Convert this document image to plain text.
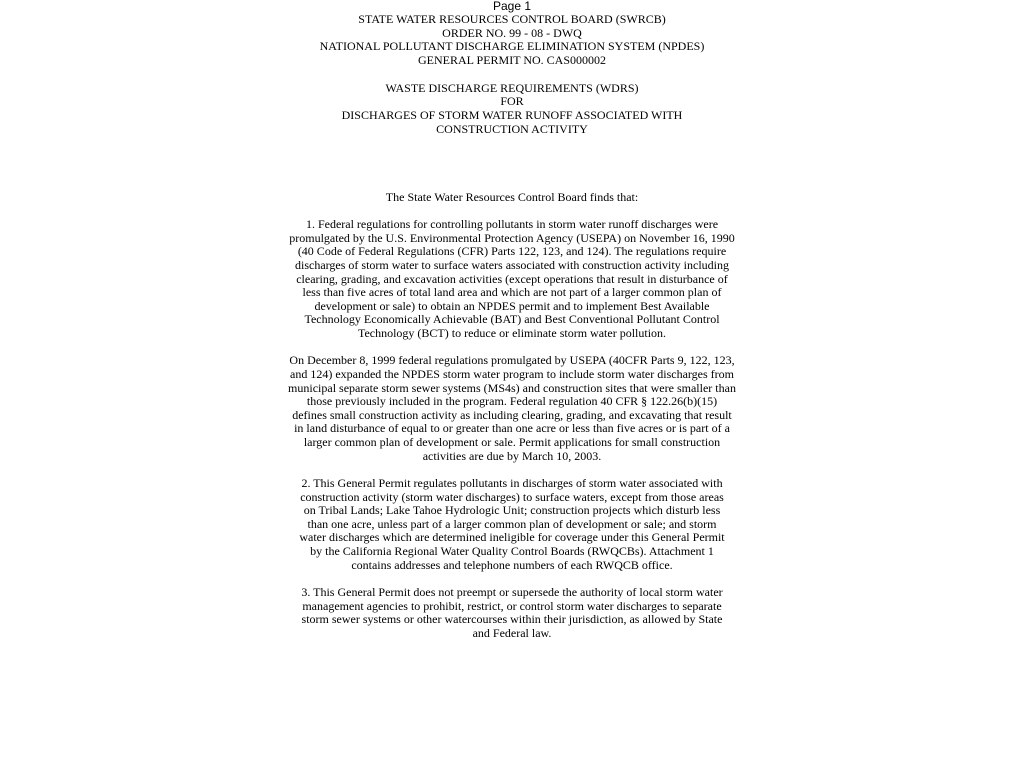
Page 1
STATE WATER RESOURCES CONTROL BOARD (SWRCB)
ORDER NO. 99 - 08 - DWQ
NATIONAL POLLUTANT DISCHARGE ELIMINATION SYSTEM (NPDES)
GENERAL PERMIT NO. CAS000002
WASTE DISCHARGE REQUIREMENTS (WDRS)
FOR
DISCHARGES OF STORM WATER RUNOFF ASSOCIATED WITH
CONSTRUCTION ACTIVITY
The State Water Resources Control Board finds that:
1. Federal regulations for controlling pollutants in storm water runoff discharges were
promulgated by the U.S. Environmental Protection Agency (USEPA) on November 16, 1990
(40 Code of Federal Regulations (CFR) Parts 122, 123, and 124). The regulations require
discharges of storm water to surface waters associated with construction activity including
clearing, grading, and excavation activities (except operations that result in disturbance of
less than five acres of total land area and which are not part of a larger common plan of
development or sale) to obtain an NPDES permit and to implement Best Available
Technology Economically Achievable (BAT) and Best Conventional Pollutant Control
Technology (BCT) to reduce or eliminate storm water pollution.
On December 8, 1999 federal regulations promulgated by USEPA (40CFR Parts 9, 122, 123,
and 124) expanded the NPDES storm water program to include storm water discharges from
municipal separate storm sewer systems (MS4s) and construction sites that were smaller than
those previously included in the program. Federal regulation 40 CFR § 122.26(b)(15)
defines small construction activity as including clearing, grading, and excavating that result
in land disturbance of equal to or greater than one acre or less than five acres or is part of a
larger common plan of development or sale. Permit applications for small construction
activities are due by March 10, 2003.
2. This General Permit regulates pollutants in discharges of storm water associated with
construction activity (storm water discharges) to surface waters, except from those areas
on Tribal Lands; Lake Tahoe Hydrologic Unit; construction projects which disturb less
than one acre, unless part of a larger common plan of development or sale; and storm
water discharges which are determined ineligible for coverage under this General Permit
by the California Regional Water Quality Control Boards (RWQCBs). Attachment 1
contains addresses and telephone numbers of each RWQCB office.
3. This General Permit does not preempt or supersede the authority of local storm water
management agencies to prohibit, restrict, or control storm water discharges to separate
storm sewer systems or other watercourses within their jurisdiction, as allowed by State
and Federal law.
